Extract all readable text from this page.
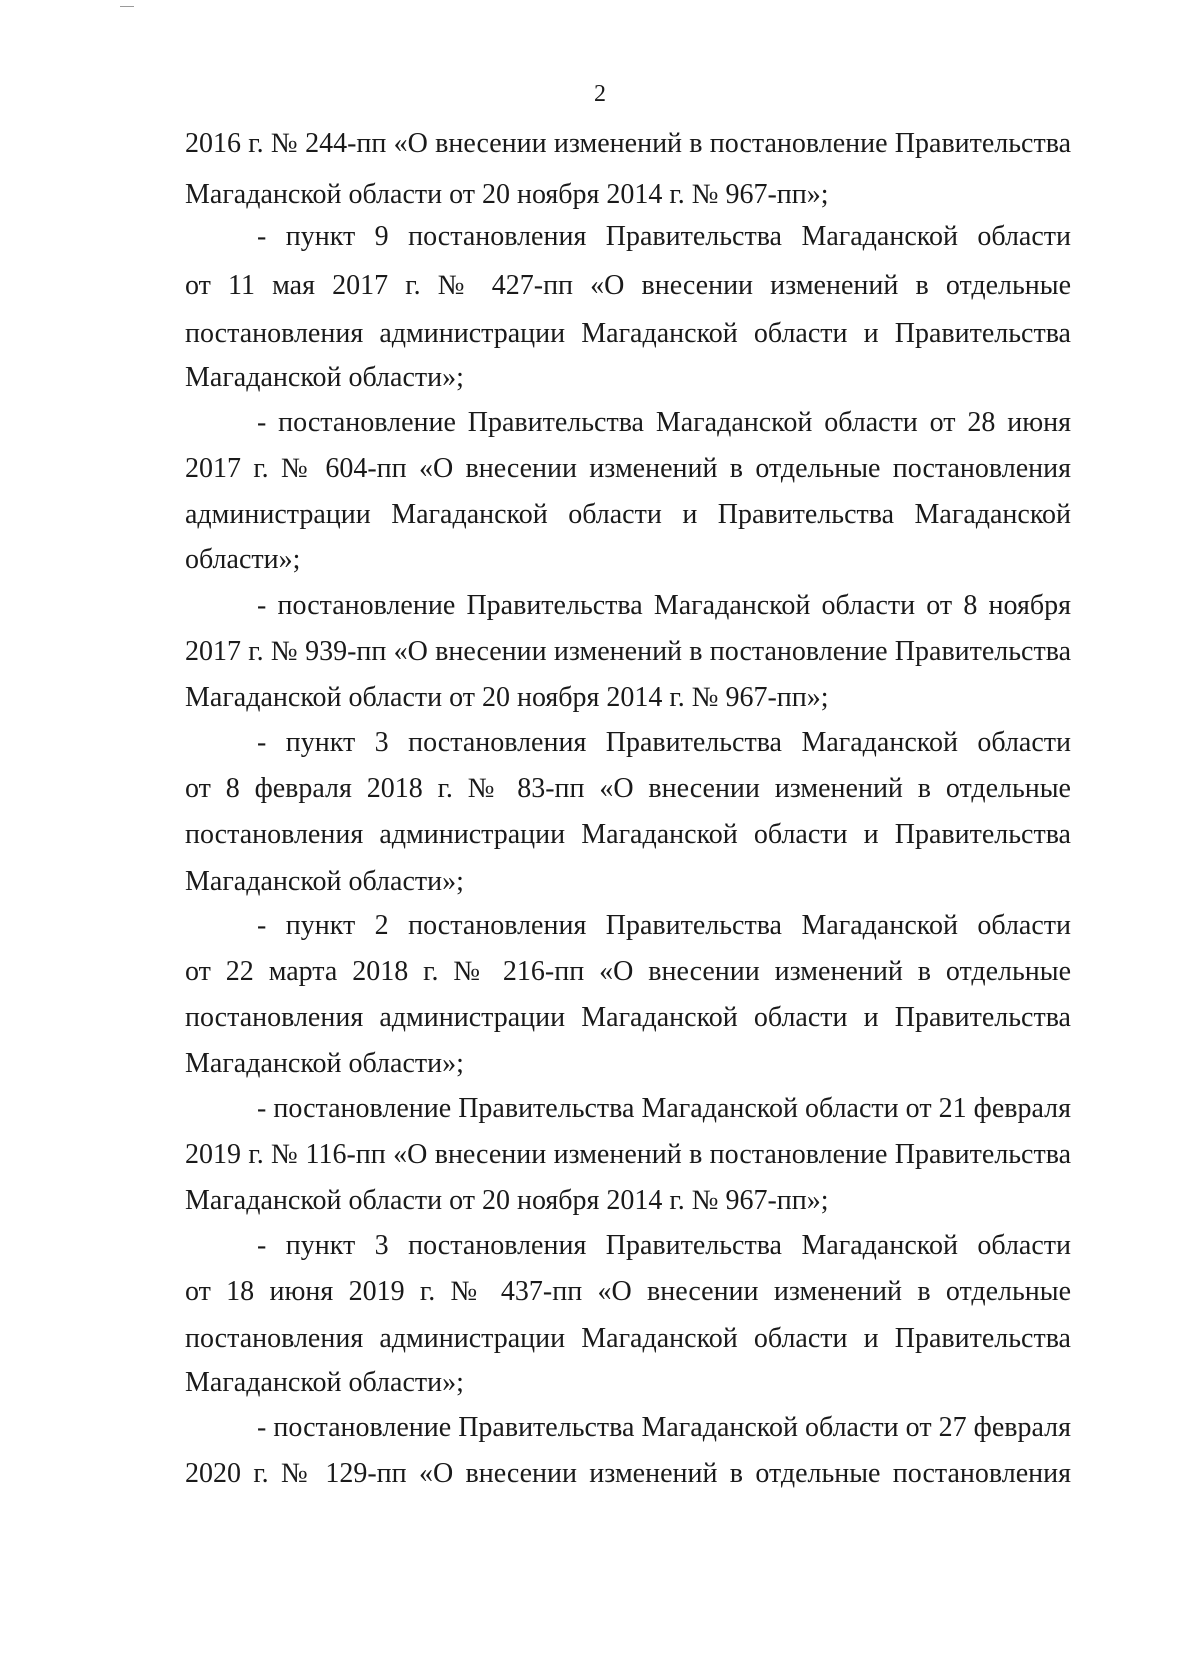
2
2016 г. № 244-пп «О внесении изменений в постановление Правительства
Магаданской области от 20 ноября 2014 г. № 967-пп»;
- пункт 9 постановления Правительства Магаданской области
от 11 мая 2017 г. № 427-пп «О внесении изменений в отдельные
постановления администрации Магаданской области и Правительства
Магаданской области»;
- постановление Правительства Магаданской области от 28 июня
2017 г. № 604-пп «О внесении изменений в отдельные постановления
администрации Магаданской области и Правительства Магаданской
области»;
- постановление Правительства Магаданской области от 8 ноября
2017 г. № 939-пп «О внесении изменений в постановление Правительства
Магаданской области от 20 ноября 2014 г. № 967-пп»;
- пункт 3 постановления Правительства Магаданской области
от 8 февраля 2018 г. № 83-пп «О внесении изменений в отдельные
постановления администрации Магаданской области и Правительства
Магаданской области»;
- пункт 2 постановления Правительства Магаданской области
от 22 марта 2018 г. № 216-пп «О внесении изменений в отдельные
постановления администрации Магаданской области и Правительства
Магаданской области»;
- постановление Правительства Магаданской области от 21 февраля
2019 г. № 116-пп «О внесении изменений в постановление Правительства
Магаданской области от 20 ноября 2014 г. № 967-пп»;
- пункт 3 постановления Правительства Магаданской области
от 18 июня 2019 г. № 437-пп «О внесении изменений в отдельные
постановления администрации Магаданской области и Правительства
Магаданской области»;
- постановление Правительства Магаданской области от 27 февраля
2020 г. № 129-пп «О внесении изменений в отдельные постановления
